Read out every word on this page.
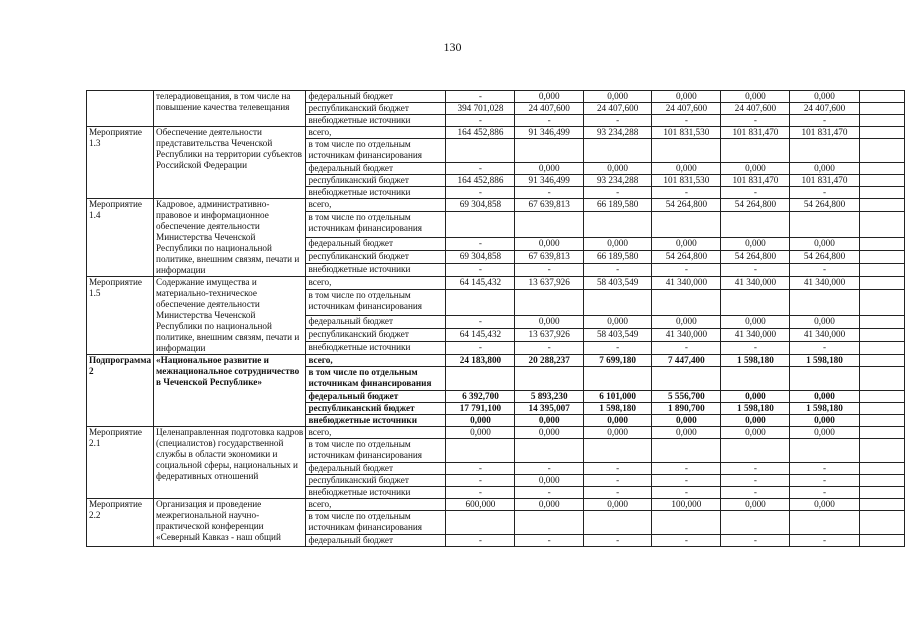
130
	телерадиовещания, в том числе на повышение качества телевещания	федеральный бюджет	-	0,000	0,000	0,000	0,000	0,000	
		республиканский бюджет	394 701,028	24 407,600	24 407,600	24 407,600	24 407,600	24 407,600	
		внебюджетные источники	-	-	-	-	-	-	
Мероприятие 1.3	Обеспечение деятельности представительства Чеченской Республики на территории субъектов Российской Федерации	всего,	164 452,886	91 346,499	93 234,288	101 831,530	101 831,470	101 831,470	
		в том числе по отдельным источникам финансирования							
		федеральный бюджет	-	0,000	0,000	0,000	0,000	0,000	
		республиканский бюджет	164 452,886	91 346,499	93 234,288	101 831,530	101 831,470	101 831,470	
		внебюджетные источники	-	-	-	-	-	-	
Мероприятие 1.4	Кадровое, административно-правовое и информационное обеспечение деятельности Министерства Чеченской Республики по национальной политике, внешним связям, печати и информации	всего,	69 304,858	67 639,813	66 189,580	54 264,800	54 264,800	54 264,800	
		в том числе по отдельным источникам финансирования							
		федеральный бюджет	-	0,000	0,000	0,000	0,000	0,000	
		республиканский бюджет	69 304,858	67 639,813	66 189,580	54 264,800	54 264,800	54 264,800	
		внебюджетные источники	-	-	-	-	-	-	
Мероприятие 1.5	Содержание имущества и материально-техническое обеспечение деятельности Министерства Чеченской Республики по национальной политике, внешним связям, печати и информации	всего,	64 145,432	13 637,926	58 403,549	41 340,000	41 340,000	41 340,000	
		в том числе по отдельным источникам финансирования							
		федеральный бюджет	-	0,000	0,000	0,000	0,000	0,000	
		республиканский бюджет	64 145,432	13 637,926	58 403,549	41 340,000	41 340,000	41 340,000	
		внебюджетные источники	-	-	-	-	-	-	
Подпрограмма 2	«Национальное развитие и межнациональное сотрудничество в Чеченской Республике»	всего,	24 183,800	20 288,237	7 699,180	7 447,400	1 598,180	1 598,180	
		в том числе по отдельным источникам финансирования							
		федеральный бюджет	6 392,700	5 893,230	6 101,000	5 556,700	0,000	0,000	
		республиканский бюджет	17 791,100	14 395,007	1 598,180	1 890,700	1 598,180	1 598,180	
		внебюджетные источники	0,000	0,000	0,000	0,000	0,000	0,000	
Мероприятие 2.1	Целенаправленная подготовка кадров (специалистов) государственной службы в области экономики и социальной сферы, национальных и федеративных отношений	всего,	0,000	0,000	0,000	0,000	0,000	0,000	
		в том числе по отдельным источникам финансирования							
		федеральный бюджет	-	-	-	-	-	-	
		республиканский бюджет	-	0,000	-	-	-	-	
		внебюджетные источники	-	-	-	-	-	-	
Мероприятие 2.2	Организация и проведение межрегиональной научно-практической конференции «Северный Кавказ - наш общий	всего,	600,000	0,000	0,000	100,000	0,000	0,000	
		в том числе по отдельным источникам финансирования							
		федеральный бюджет	-	-	-	-	-	-	
